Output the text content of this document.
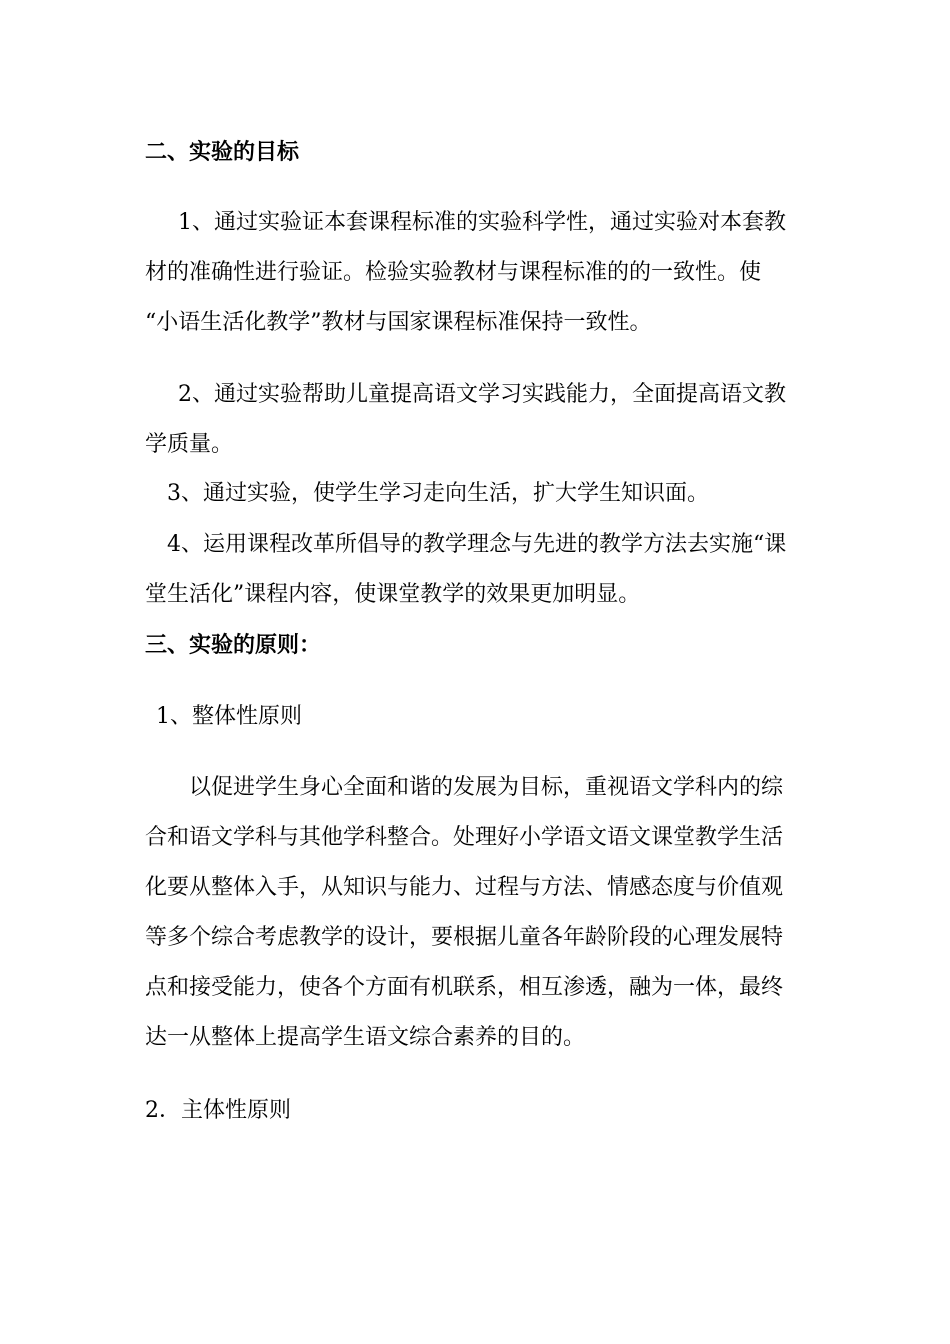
二、实验的目标
1、通过实验证本套课程标准的实验科学性，通过实验对本套教
材的准确性进行验证。检验实验教材与课程标准的的一致性。使
“小语生活化教学”教材与国家课程标准保持一致性。
2、通过实验帮助儿童提高语文学习实践能力，全面提高语文教
学质量。
3、通过实验，使学生学习走向生活，扩大学生知识面。
4、运用课程改革所倡导的教学理念与先进的教学方法去实施“课
堂生活化”课程内容，使课堂教学的效果更加明显。
三、实验的原则：
1、整体性原则
以促进学生身心全面和谐的发展为目标，重视语文学科内的综
合和语文学科与其他学科整合。处理好小学语文语文课堂教学生活
化要从整体入手，从知识与能力、过程与方法、情感态度与价值观
等多个综合考虑教学的设计，要根据儿童各年龄阶段的心理发展特
点和接受能力，使各个方面有机联系，相互渗透，融为一体，最终
达一从整体上提高学生语文综合素养的目的。
2．主体性原则
